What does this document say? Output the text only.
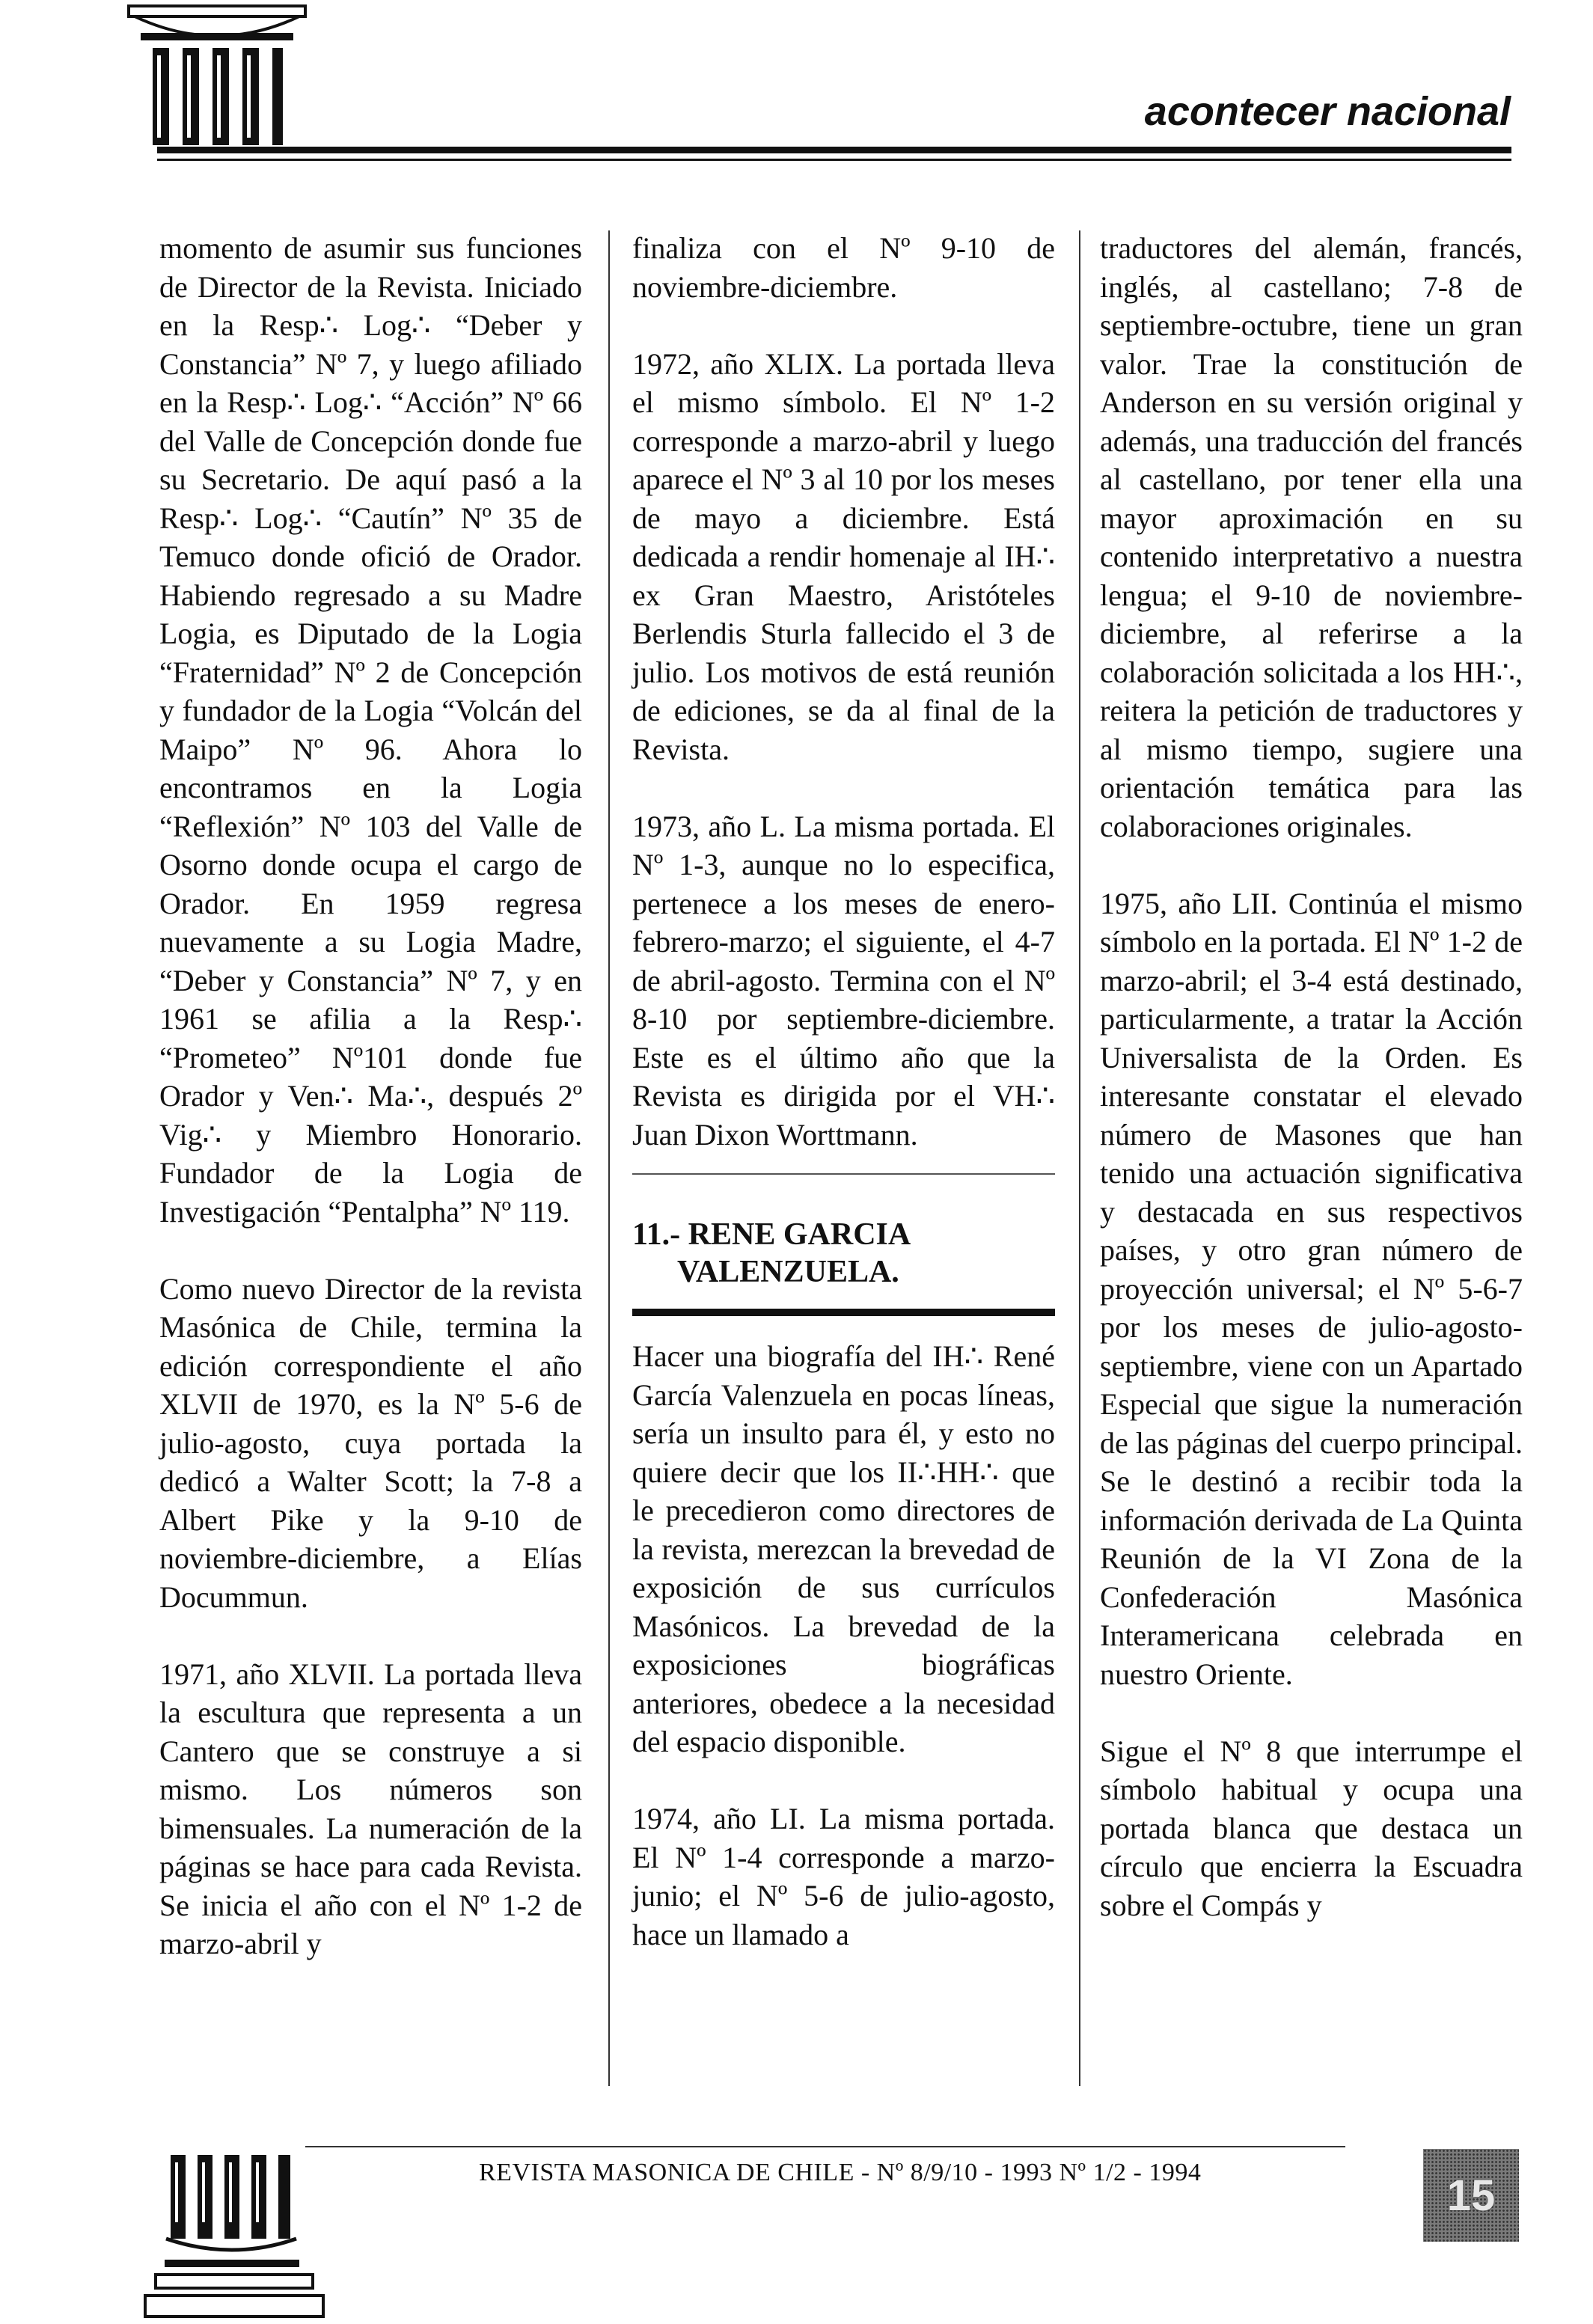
acontecer nacional

momento de asumir sus funciones de Director de la Revista. Iniciado en la Resp∴ Log∴ “Deber y Constancia” Nº 7, y luego afiliado en la Resp∴ Log∴ “Acción” Nº 66 del Valle de Concepción donde fue su Secretario. De aquí pasó a la Resp∴ Log∴ “Cautín” Nº 35 de Temuco donde ofició de Orador. Habiendo regresado a su Madre Logia, es Diputado de la Logia “Fraternidad” Nº 2 de Concepción y fundador de la Logia “Volcán del Maipo” Nº 96. Ahora lo encontramos en la Logia “Reflexión” Nº 103 del Valle de Osorno donde ocupa el cargo de Orador. En 1959 regresa nuevamente a su Logia Madre, “Deber y Constancia” Nº 7, y en 1961 se afilia a la Resp∴ “Prometeo” Nº101 donde fue Orador y Ven∴ Ma∴, después 2º Vig∴ y Miembro Honorario. Fundador de la Logia de Investigación “Pentalpha” Nº 119.

Como nuevo Director de la revista Masónica de Chile, termina la edición correspondiente el año XLVII de 1970, es la Nº 5-6 de julio-agosto, cuya portada la dedicó a Walter Scott; la 7-8 a Albert Pike y la 9-10 de noviembre-diciembre, a Elías Docummun.

1971, año XLVII. La portada lleva la escultura que representa a un Cantero que se construye a si mismo. Los números son bimensuales. La numeración de la páginas se hace para cada Revista. Se inicia el año con el Nº 1-2 de marzo-abril y

finaliza con el Nº 9-10 de noviembre-diciembre.

1972, año XLIX. La portada lleva el mismo símbolo. El Nº 1-2 corresponde a marzo-abril y luego aparece el Nº 3 al 10 por los meses de mayo a diciembre. Está dedicada a rendir homenaje al IH∴ ex Gran Maestro, Aristóteles Berlendis Sturla fallecido el 3 de julio. Los motivos de está reunión de ediciones, se da al final de la Revista.

1973, año L. La misma portada. El Nº 1-3, aunque no lo especifica, pertenece a los meses de enero-febrero-marzo; el siguiente, el 4-7 de abril-agosto. Termina con el Nº 8-10 por septiembre-diciembre. Este es el último año que la Revista es dirigida por el VH∴ Juan Dixon Worttmann.

11.- RENE GARCIA
VALENZUELA.

Hacer una biografía del IH∴ René García Valenzuela en pocas líneas, sería un insulto para él, y esto no quiere decir que los II∴HH∴ que le precedieron como directores de la revista, merezcan la brevedad de exposición de sus currículos Masónicos. La brevedad de la exposiciones biográficas anteriores, obedece a la necesidad del espacio disponible.

1974, año LI. La misma portada. El Nº 1-4 corresponde a marzo-junio; el Nº 5-6 de julio-agosto, hace un llamado a

traductores del alemán, francés, inglés, al castellano; 7-8 de septiembre-octubre, tiene un gran valor. Trae la constitución de Anderson en su versión original y además, una traducción del francés al castellano, por tener ella una mayor aproximación en su contenido interpretativo a nuestra lengua; el 9-10 de noviembre-diciembre, al referirse a la colaboración solicitada a los HH∴, reitera la petición de traductores y al mismo tiempo, sugiere una orientación temática para las colaboraciones originales.

1975, año LII. Continúa el mismo símbolo en la portada. El Nº 1-2 de marzo-abril; el 3-4 está destinado, particularmente, a tratar la Acción Universalista de la Orden. Es interesante constatar el elevado número de Masones que han tenido una actuación significativa y destacada en sus respectivos países, y otro gran número de proyección universal; el Nº 5-6-7 por los meses de julio-agosto-septiembre, viene con un Apartado Especial que sigue la numeración de las páginas del cuerpo principal. Se le destinó a recibir toda la información derivada de La Quinta Reunión de la VI Zona de la Confederación Masónica Interamericana celebrada en nuestro Oriente.

Sigue el Nº 8 que interrumpe el símbolo habitual y ocupa una portada blanca que destaca un círculo que encierra la Escuadra sobre el Compás y

REVISTA MASONICA DE CHILE - Nº 8/9/10 - 1993 Nº 1/2 - 1994	15
